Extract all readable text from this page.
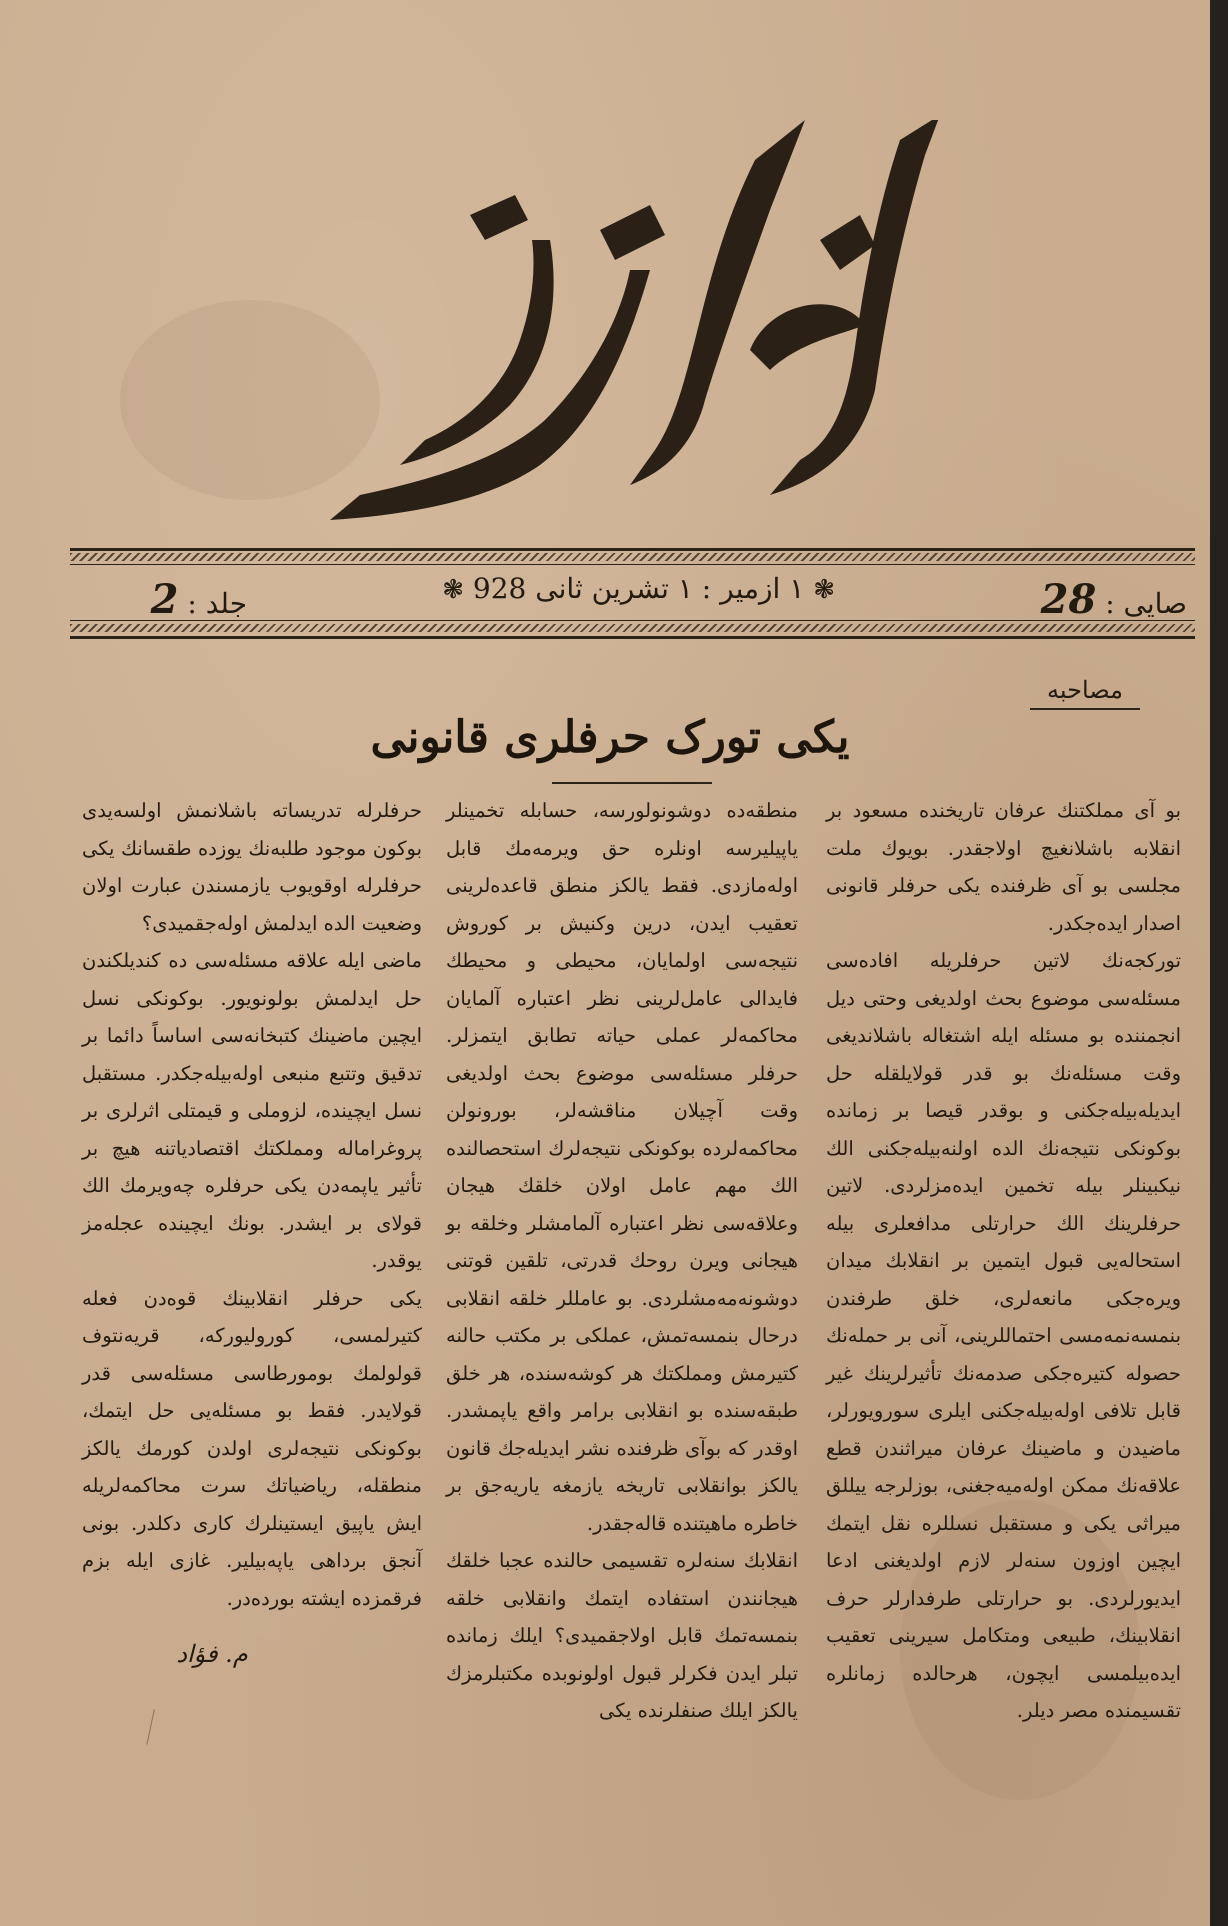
صایی : 28
❃ ۱ ازمیر : ۱ تشرین ثانی 928 ❃
جلد : 2
مصاحبه
یکی تورک حرفلری قانونی

بو آی مملکتنك عرفان تاریخنده مسعود بر انقلابه باشلانغیچ اولاجقدر. بویوك ملت مجلسی بو آی ظرفنده یکی حرفلر قانونی اصدار ایده‌جکدر.

تورکجه‌نك لاتین حرفلریله افاده‌سی مسئله‌سی موضوع بحث اولدیغی وحتی دیل انجمننده بو مسئله ایله اشتغاله باشلاندیغی وقت مسئله‌نك بو قدر قولایلقله حل ایدیله‌بیله‌جکنی و بوقدر قیصا بر زمانده بوکونکی نتیجه‌نك الده اولنه‌بیله‌جکنی الك نیکبینلر بیله تخمین ایده‌مزلردی. لاتین حرفلرینك الك حرارتلی مدافعلری بیله استحاله‌یی قبول ایتمین بر انقلابك میدان ویره‌جکی مانعه‌لری، خلق طرفندن بنمسه‌نمه‌مسی احتماللرینی، آنی بر حمله‌نك حصوله کتیره‌جکی صدمه‌نك تأثیرلرینك غیر قابل تلافی اوله‌بیله‌جکنی ایلری سورویورلر، ماضیدن و ماضینك عرفان میراثندن قطع علاقه‌نك ممکن اوله‌میه‌جغنی، بوزلرجه ییللق میراثی یکی و مستقبل نسللره نقل ایتمك ایچین اوزون سنه‌لر لازم اولدیغنی ادعا ایدیورلردی. بو حرارتلی طرفدارلر حرف انقلابینك، طبیعی ومتکامل سیرینی تعقیب ایده‌بیلمسی ایچون، هرحالده زمانلره تقسیمنده مصر دیلر.

منطقه‌ده دوشونولورسه، حسابله تخمینلر یاپیلیرسه اونلره حق ویرمه‌مك قابل اوله‌مازدی. فقط یالکز منطق قاعده‌لرینی تعقیب ایدن، درین وکنیش بر کوروش نتیجه‌سی اولمایان، محیطی و محیطك فایدالی عامل‌لرینی نظر اعتباره آلمایان محاکمه‌لر عملی حیاته تطابق ایتمزلر. حرفلر مسئله‌سی موضوع بحث اولدیغی وقت آچیلان مناقشه‌لر، بورونولن محاکمه‌لرده بوکونکی نتیجه‌لرك استحصالنده الك مهم عامل اولان خلقك هیجان وعلاقه‌سی نظر اعتباره آلمامشلر وخلقه بو هیجانی ویرن روحك قدرتی، تلقین قوتنی دوشونه‌مه‌مشلردی. بو عامللر خلقه انقلابی درحال بنمسه‌تمش، عملکی بر مکتب حالنه کتیرمش ومملکتك هر کوشه‌سنده، هر خلق طبقه‌سنده بو انقلابی برامر واقع یاپمشدر. اوقدر که بوآی ظرفنده نشر ایدیله‌جك قانون یالکز بوانقلابی تاریخه یازمغه یاریه‌جق بر خاطره ماهیتنده قاله‌جقدر.

انقلابك سنه‌لره تقسیمی حالنده عجبا خلقك هیجانندن استفاده ایتمك وانقلابی خلقه بنمسه‌تمك قابل اولاجقمیدی؟ ایلك زمانده تبلر ایدن فکرلر قبول اولونوبده مکتبلرمزك یالکز ایلك صنفلرنده یکی

حرفلرله تدریساته باشلانمش اولسه‌یدی بوکون موجود طلبه‌نك یوزده طقسانك یکی حرفلرله اوقویوب یازمسندن عبارت اولان وضعیت الده ایدلمش اوله‌جقمیدی؟

ماضی ایله علاقه مسئله‌سی ده کندیلکندن حل ایدلمش بولونویور. بوکونکی نسل ایچین ماضینك کتبخانه‌سی اساساً دائما بر تدقیق وتتبع منبعی اوله‌بیله‌جکدر. مستقبل نسل ایچینده، لزوملی و قیمتلی اثرلری بر پروغراماله ومملکتك اقتصادیاتنه هیچ بر تأثیر یاپمه‌دن یکی حرفلره چه‌ویرمك الك قولای بر ایشدر. بونك ایچینده عجله‌مز یوقدر.

یکی حرفلر انقلابینك قوه‌دن فعله کتیرلمسی، کورولیورکه، قریه‌نتوف قولولمك بومورطاسی مسئله‌سی قدر قولایدر. فقط بو مسئله‌یی حل ایتمك، بوکونکی نتیجه‌لری اولدن کورمك یالکز منطقله، ریاضیاتك سرت محاکمه‌لریله ایش یاپیق ایستینلرك کاری دکلدر. بونی آنجق برداهی یاپه‌بیلیر. غازی ایله بزم فرقمزده ایشته بورده‌در.

م. فؤاد
